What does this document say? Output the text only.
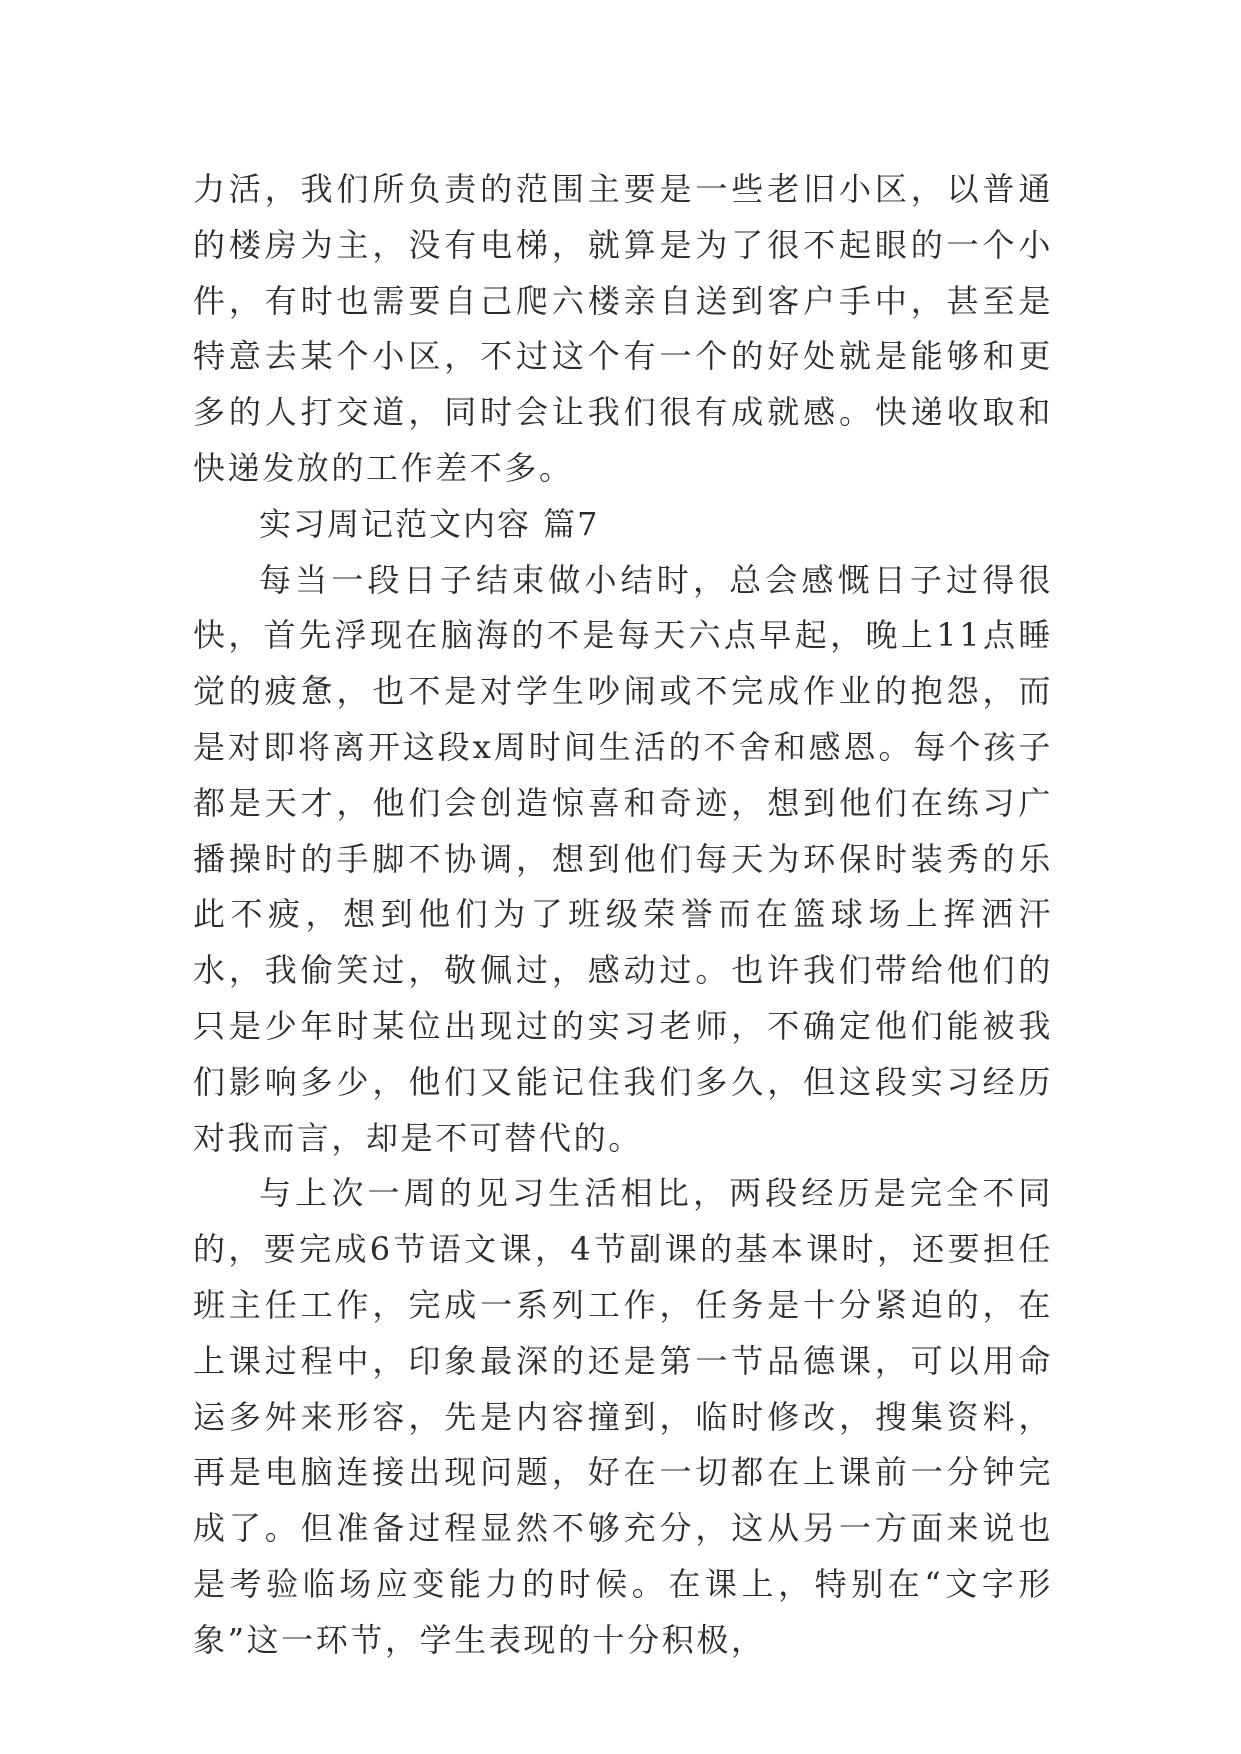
力活，我们所负责的范围主要是一些老旧小区，以普通的楼房为主，没有电梯，就算是为了很不起眼的一个小件，有时也需要自己爬六楼亲自送到客户手中，甚至是特意去某个小区，不过这个有一个的好处就是能够和更多的人打交道，同时会让我们很有成就感。快递收取和快递发放的工作差不多。

实习周记范文内容 篇7

每当一段日子结束做小结时，总会感慨日子过得很快，首先浮现在脑海的不是每天六点早起，晚上11点睡觉的疲惫，也不是对学生吵闹或不完成作业的抱怨，而是对即将离开这段x周时间生活的不舍和感恩。每个孩子都是天才，他们会创造惊喜和奇迹，想到他们在练习广播操时的手脚不协调，想到他们每天为环保时装秀的乐此不疲，想到他们为了班级荣誉而在篮球场上挥洒汗水，我偷笑过，敬佩过，感动过。也许我们带给他们的只是少年时某位出现过的实习老师，不确定他们能被我们影响多少，他们又能记住我们多久，但这段实习经历对我而言，却是不可替代的。

与上次一周的见习生活相比，两段经历是完全不同的，要完成6节语文课，4节副课的基本课时，还要担任班主任工作，完成一系列工作，任务是十分紧迫的，在上课过程中，印象最深的还是第一节品德课，可以用命运多舛来形容，先是内容撞到，临时修改，搜集资料，再是电脑连接出现问题，好在一切都在上课前一分钟完成了。但准备过程显然不够充分，这从另一方面来说也是考验临场应变能力的时候。在课上，特别在“文字形象”这一环节，学生表现的十分积极，
